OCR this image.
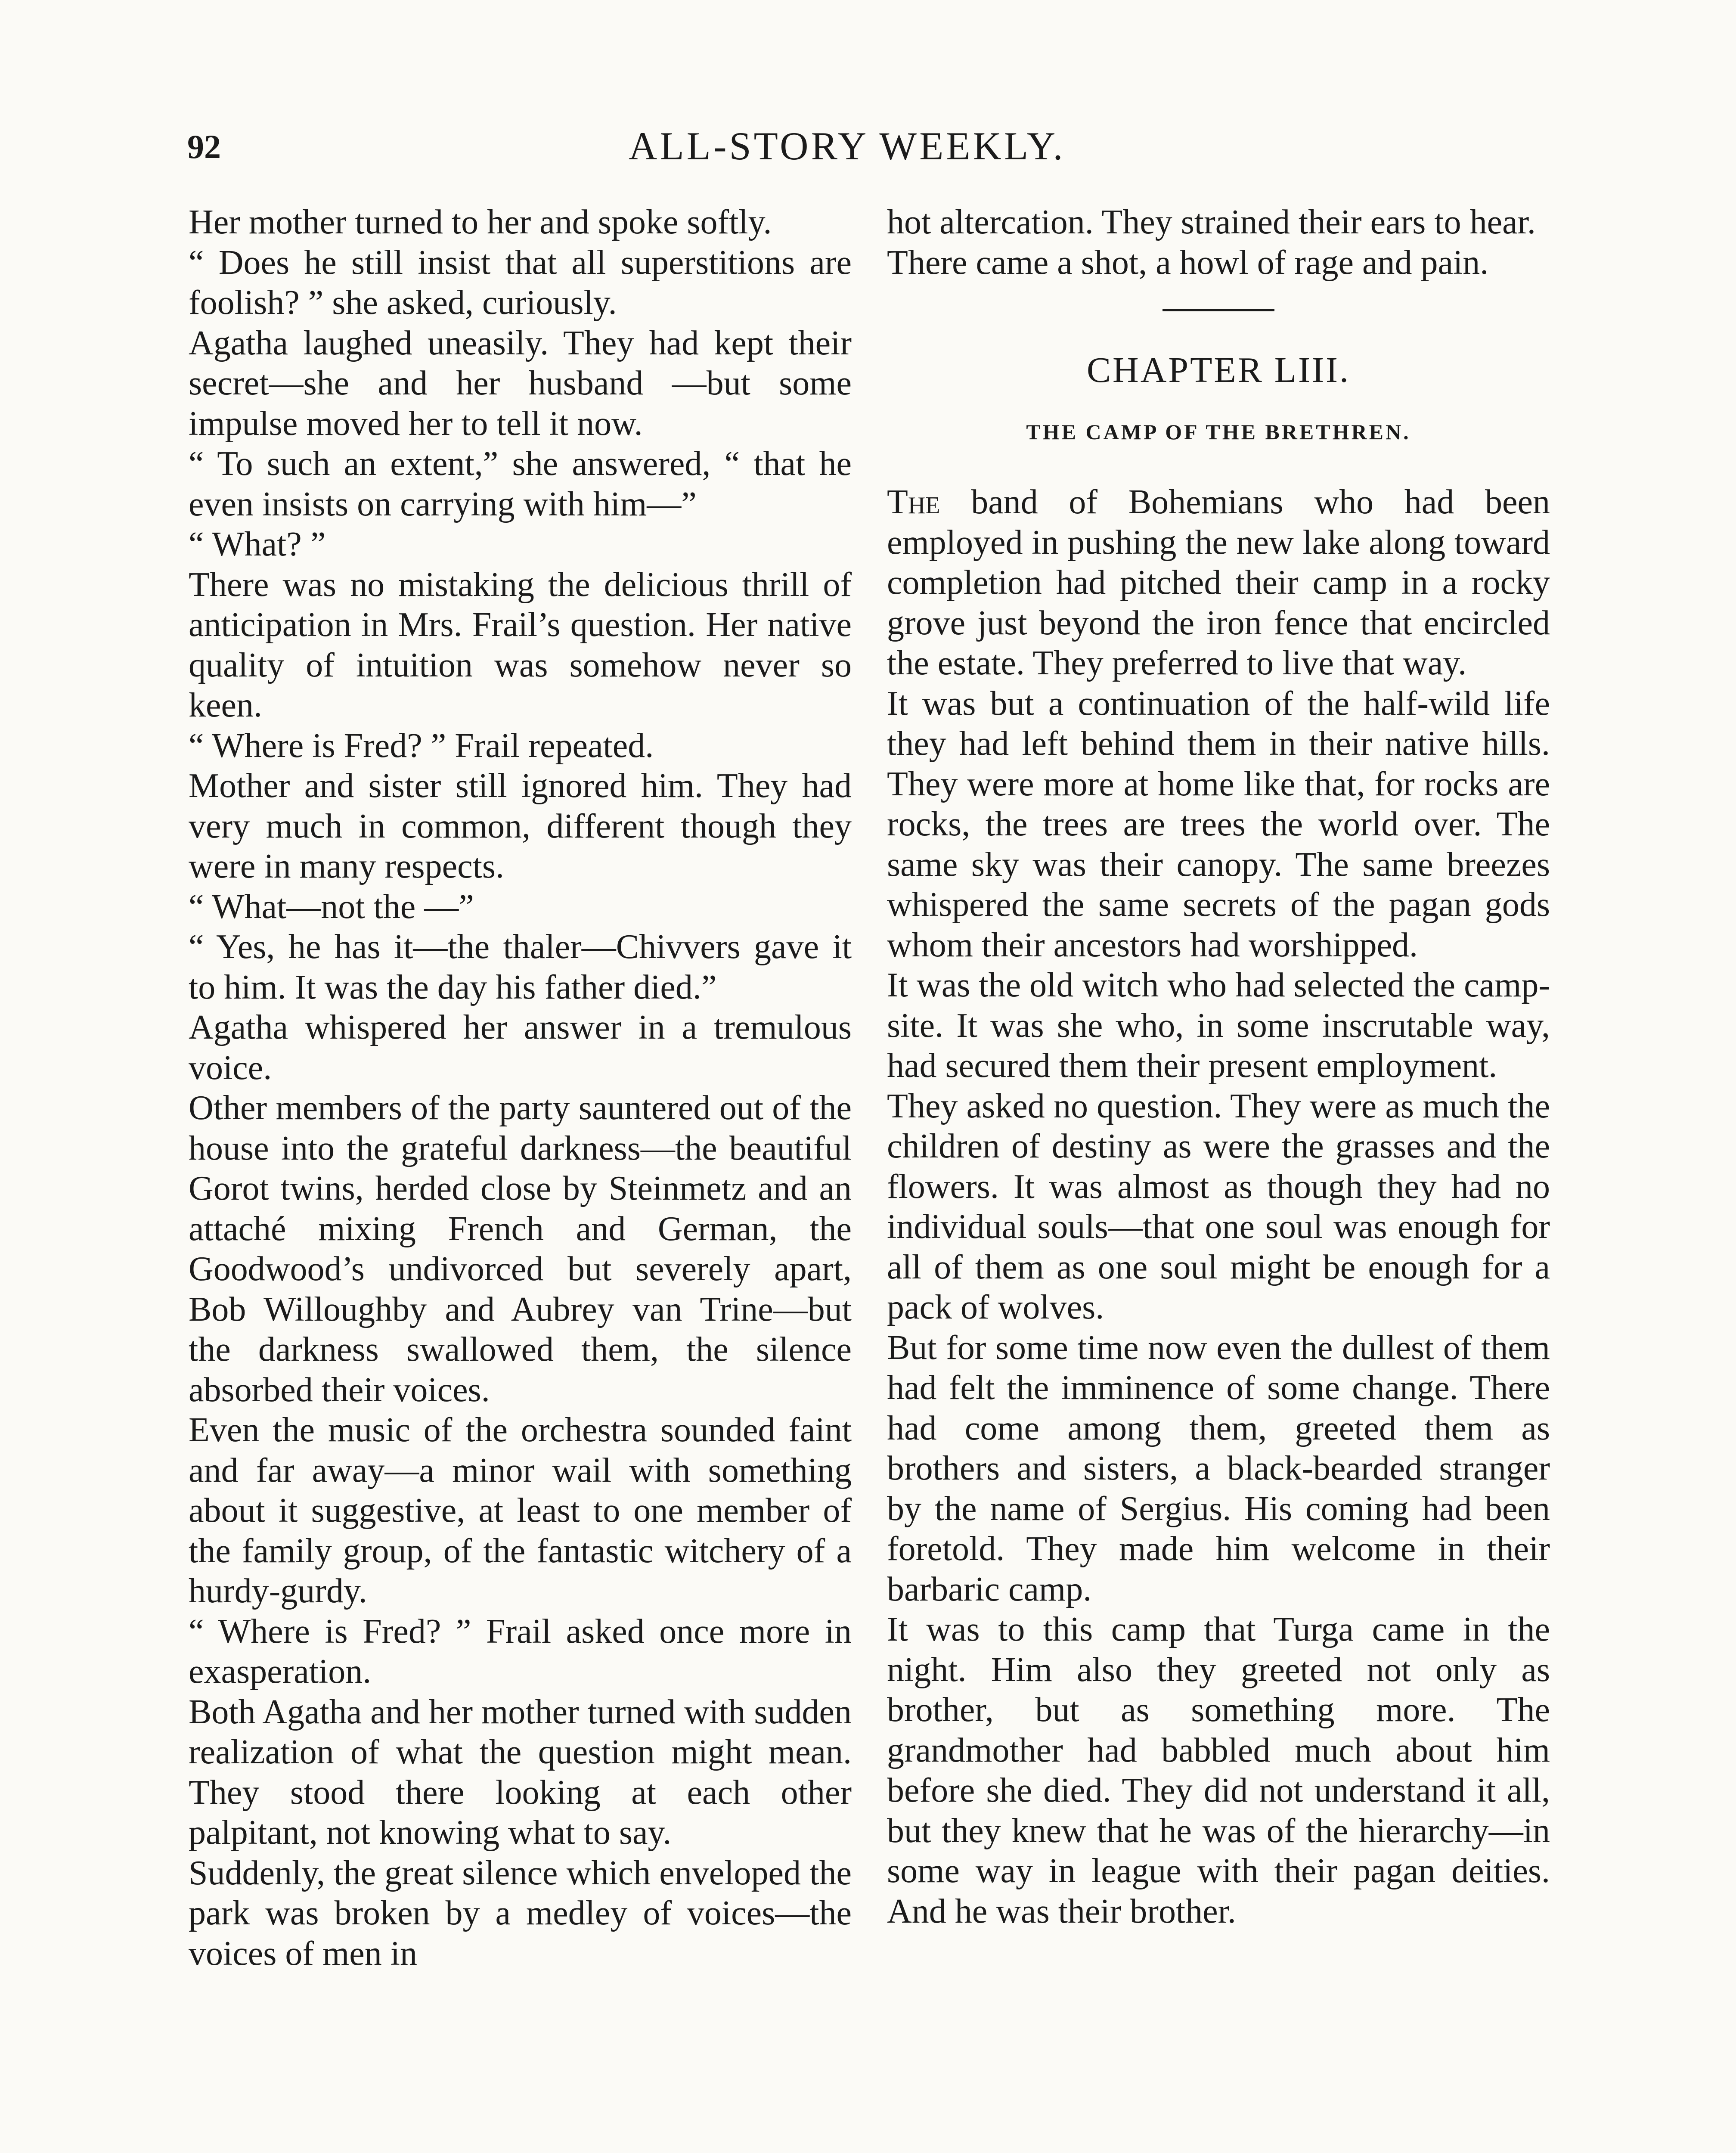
92	ALL-STORY WEEKLY.

Her mother turned to her and spoke softly.

“ Does he still insist that all superstitions are foolish? ” she asked, curiously.

Agatha laughed uneasily. They had kept their secret—she and her husband —but some impulse moved her to tell it now.

“ To such an extent,” she answered, “ that he even insists on carrying with him—”

“ What? ”

There was no mistaking the delicious thrill of anticipation in Mrs. Frail’s question. Her native quality of intuition was somehow never so keen.

“ Where is Fred? ” Frail repeated.

Mother and sister still ignored him. They had very much in common, different though they were in many respects.

“ What—not the —”

“ Yes, he has it—the thaler—Chivvers gave it to him. It was the day his father died.”

Agatha whispered her answer in a tremulous voice.

Other members of the party sauntered out of the house into the grateful darkness—the beautiful Gorot twins, herded close by Steinmetz and an attaché mixing French and German, the Goodwood’s undivorced but severely apart, Bob Willoughby and Aubrey van Trine—but the darkness swallowed them, the silence absorbed their voices.

Even the music of the orchestra sounded faint and far away—a minor wail with something about it suggestive, at least to one member of the family group, of the fantastic witchery of a hurdy-gurdy.

“ Where is Fred? ” Frail asked once more in exasperation.

Both Agatha and her mother turned with sudden realization of what the question might mean. They stood there looking at each other palpitant, not knowing what to say.

Suddenly, the great silence which enveloped the park was broken by a medley of voices—the voices of men in

hot altercation. They strained their ears to hear.

There came a shot, a howl of rage and pain.

CHAPTER LIII.
THE CAMP OF THE BRETHREN.

The band of Bohemians who had been employed in pushing the new lake along toward completion had pitched their camp in a rocky grove just beyond the iron fence that encircled the estate. They preferred to live that way.

It was but a continuation of the half-wild life they had left behind them in their native hills. They were more at home like that, for rocks are rocks, the trees are trees the world over. The same sky was their canopy. The same breezes whispered the same secrets of the pagan gods whom their ancestors had worshipped.

It was the old witch who had selected the camp-site. It was she who, in some inscrutable way, had secured them their present employment.

They asked no question. They were as much the children of destiny as were the grasses and the flowers. It was almost as though they had no individual souls—that one soul was enough for all of them as one soul might be enough for a pack of wolves.

But for some time now even the dullest of them had felt the imminence of some change. There had come among them, greeted them as brothers and sisters, a black-bearded stranger by the name of Sergius. His coming had been foretold. They made him welcome in their barbaric camp.

It was to this camp that Turga came in the night. Him also they greeted not only as brother, but as something more. The grandmother had babbled much about him before she died. They did not understand it all, but they knew that he was of the hierarchy—in some way in league with their pagan deities. And he was their brother.
